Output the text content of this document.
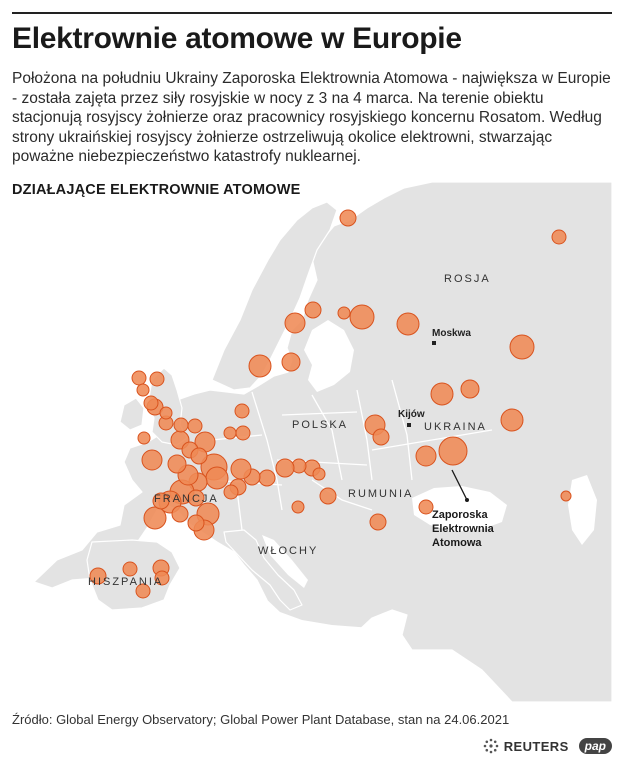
Elektrownie atomowe w Europie
Położona na południu Ukrainy Zaporoska Elektrownia Atomowa - największa w Europie - została zajęta przez siły rosyjskie w nocy z 3 na 4 marca. Na terenie obiektu stacjonują rosyjscy żołnierze oraz pracownicy rosyjskiego koncernu Rosatom. Według strony ukraińskiej rosyjscy żołnierze ostrzeliwują okolice elektrowni, stwarzając poważne niebezpieczeństwo katastrofy nuklearnej.
ROSJA
POLSKA	UKRAINA
RUMUNIA
FRANCJA
WŁOCHY
HISZPANIA
Moskwa
Kijów
Zaporoska
Elektrownia
Atomowa
DZIAŁAJĄCE ELEKTROWNIE ATOMOWE
Źródło: Global Energy Observatory; Global Power Plant Database, stan na 24.06.2021
REUTERS	pap
